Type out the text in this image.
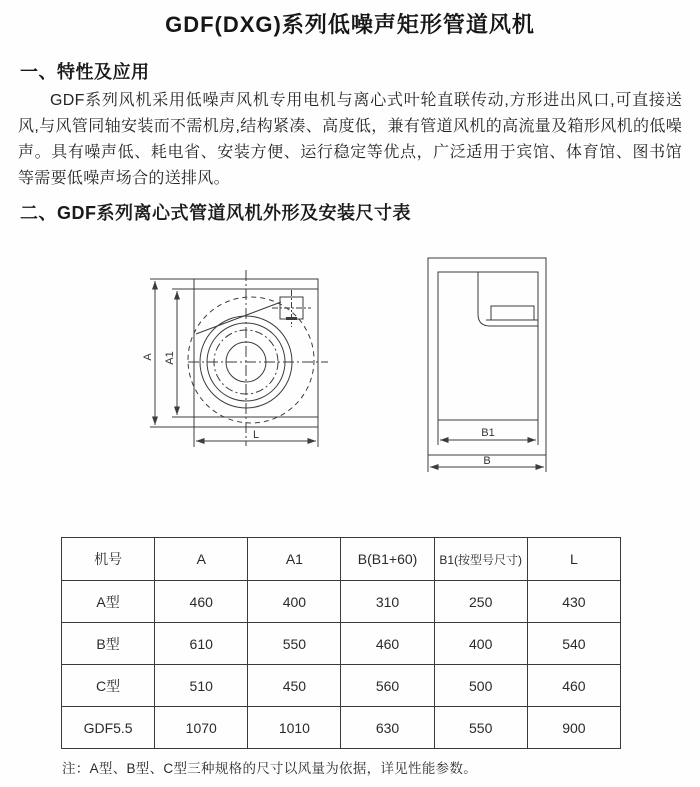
GDF(DXG)系列低噪声矩形管道风机
一、特性及应用
GDF系列风机采用低噪声风机专用电机与离心式叶轮直联传动,方形进出风口,可直接送风,与风管同轴安装而不需机房,结构紧凑、高度低，兼有管道风机的高流量及箱形风机的低噪声。具有噪声低、耗电省、安装方便、运行稳定等优点，广泛适用于宾馆、体育馆、图书馆等需要低噪声场合的送排风。
二、GDF系列离心式管道风机外形及安装尺寸表
A A1
L	B1
B
机号	A	A1	B(B1+60)	B1(按型号尺寸)	L
A型	460	400	310	250	430
B型	610	550	460	400	540
C型	510	450	560	500	460
GDF5.5	1070	1010	630	550	900
注：A型、B型、C型三种规格的尺寸以风量为依据，详见性能参数。
